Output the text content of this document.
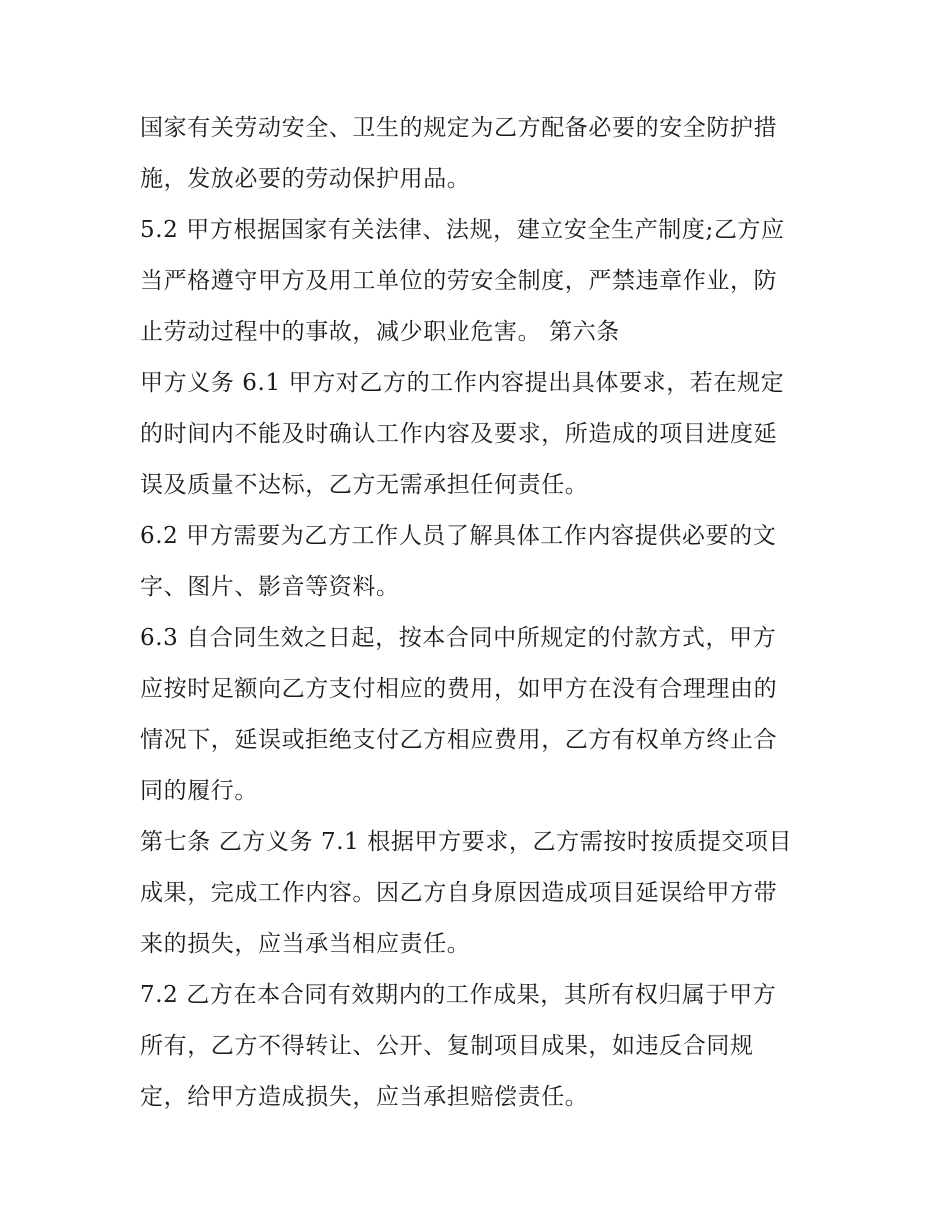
国家有关劳动安全、卫生的规定为乙方配备必要的安全防护措
施，发放必要的劳动保护用品。
5.2 甲方根据国家有关法律、法规，建立安全生产制度;乙方应
当严格遵守甲方及用工单位的劳安全制度，严禁违章作业，防
止劳动过程中的事故，减少职业危害。 第六条
甲方义务 6.1 甲方对乙方的工作内容提出具体要求，若在规定
的时间内不能及时确认工作内容及要求，所造成的项目进度延
误及质量不达标，乙方无需承担任何责任。
6.2 甲方需要为乙方工作人员了解具体工作内容提供必要的文
字、图片、影音等资料。
6.3 自合同生效之日起，按本合同中所规定的付款方式，甲方
应按时足额向乙方支付相应的费用，如甲方在没有合理理由的
情况下，延误或拒绝支付乙方相应费用，乙方有权单方终止合
同的履行。
第七条 乙方义务 7.1 根据甲方要求，乙方需按时按质提交项目
成果，完成工作内容。因乙方自身原因造成项目延误给甲方带
来的损失，应当承当相应责任。
7.2 乙方在本合同有效期内的工作成果，其所有权归属于甲方
所有，乙方不得转让、公开、复制项目成果，如违反合同规
定，给甲方造成损失，应当承担赔偿责任。
